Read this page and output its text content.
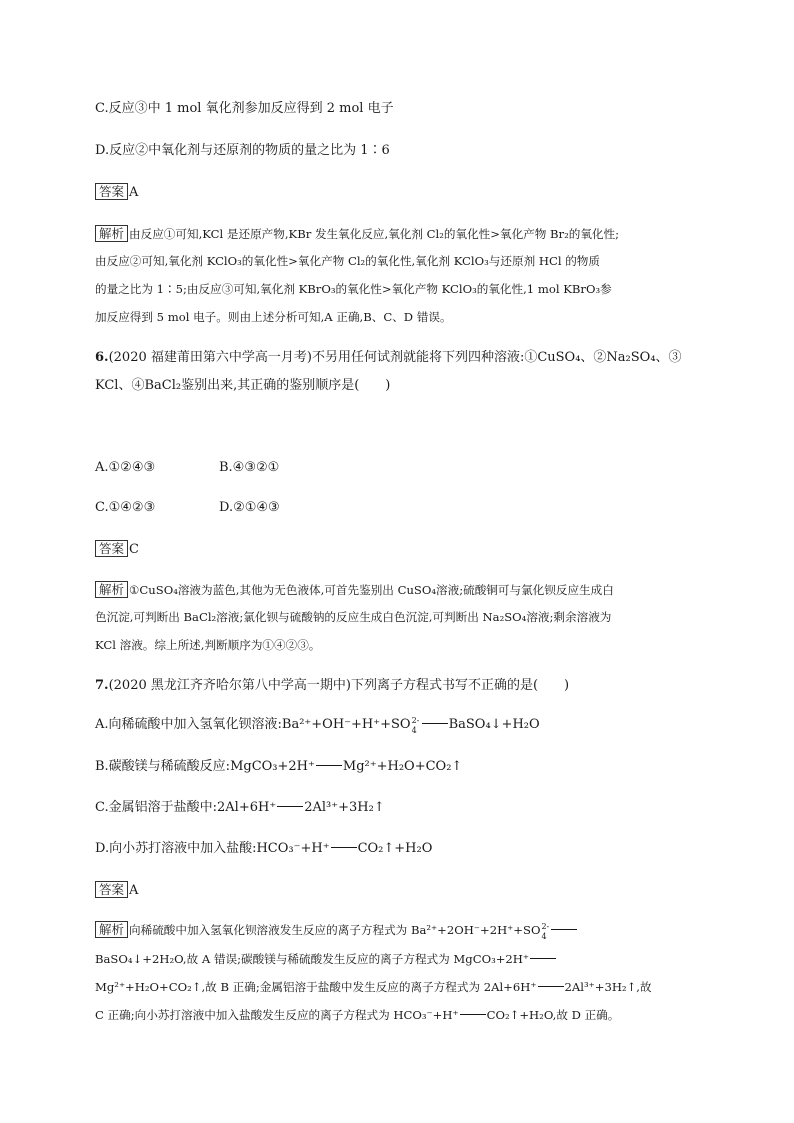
C.反应③中 1 mol 氧化剂参加反应得到 2 mol 电子
D.反应②中氧化剂与还原剂的物质的量之比为 1∶6
答案 A
解析 由反应①可知,KCl 是还原产物,KBr 发生氧化反应,氧化剂 Cl₂的氧化性>氧化产物 Br₂的氧化性;
由反应②可知,氧化剂 KClO₃的氧化性>氧化产物 Cl₂的氧化性,氧化剂 KClO₃与还原剂 HCl 的物质
的量之比为 1∶5;由反应③可知,氧化剂 KBrO₃的氧化性>氧化产物 KClO₃的氧化性,1 mol KBrO₃参
加反应得到 5 mol 电子。则由上述分析可知,A 正确,B、C、D 错误。
6.(2020 福建莆田第六中学高一月考)不另用任何试剂就能将下列四种溶液:①CuSO₄、②Na₂SO₄、③
KCl、④BaCl₂鉴别出来,其正确的鉴别顺序是(　　)
A.①②④③	B.④③②①
C.①④②③	D.②①④③
答案 C
解析 ①CuSO₄溶液为蓝色,其他为无色液体,可首先鉴别出 CuSO₄溶液;硫酸铜可与氯化钡反应生成白
色沉淀,可判断出 BaCl₂溶液;氯化钡与硫酸钠的反应生成白色沉淀,可判断出 Na₂SO₄溶液;剩余溶液为
KCl 溶液。综上所述,判断顺序为①④②③。
7.(2020 黑龙江齐齐哈尔第八中学高一期中)下列离子方程式书写不正确的是(　　)
A.向稀硫酸中加入氢氧化钡溶液:Ba²⁺+OH⁻+H⁺+SO 2-
4 BaSO₄↓+H₂O
B.碳酸镁与稀硫酸反应:MgCO₃+2H⁺ Mg²⁺+H₂O+CO₂↑
C.金属铝溶于盐酸中:2Al+6H⁺ 2Al³⁺+3H₂↑
D.向小苏打溶液中加入盐酸:HCO₃⁻+H⁺ CO₂↑+H₂O
答案 A
解析 向稀硫酸中加入氢氧化钡溶液发生反应的离子方程式为 Ba²⁺+2OH⁻+2H⁺+SO 2-
4
BaSO₄↓+2H₂O,故 A 错误;碳酸镁与稀硫酸发生反应的离子方程式为 MgCO₃+2H⁺
Mg²⁺+H₂O+CO₂↑,故 B 正确;金属铝溶于盐酸中发生反应的离子方程式为 2Al+6H⁺ 2Al³⁺+3H₂↑,故
C 正确;向小苏打溶液中加入盐酸发生反应的离子方程式为 HCO₃⁻+H⁺ CO₂↑+H₂O,故 D 正确。
